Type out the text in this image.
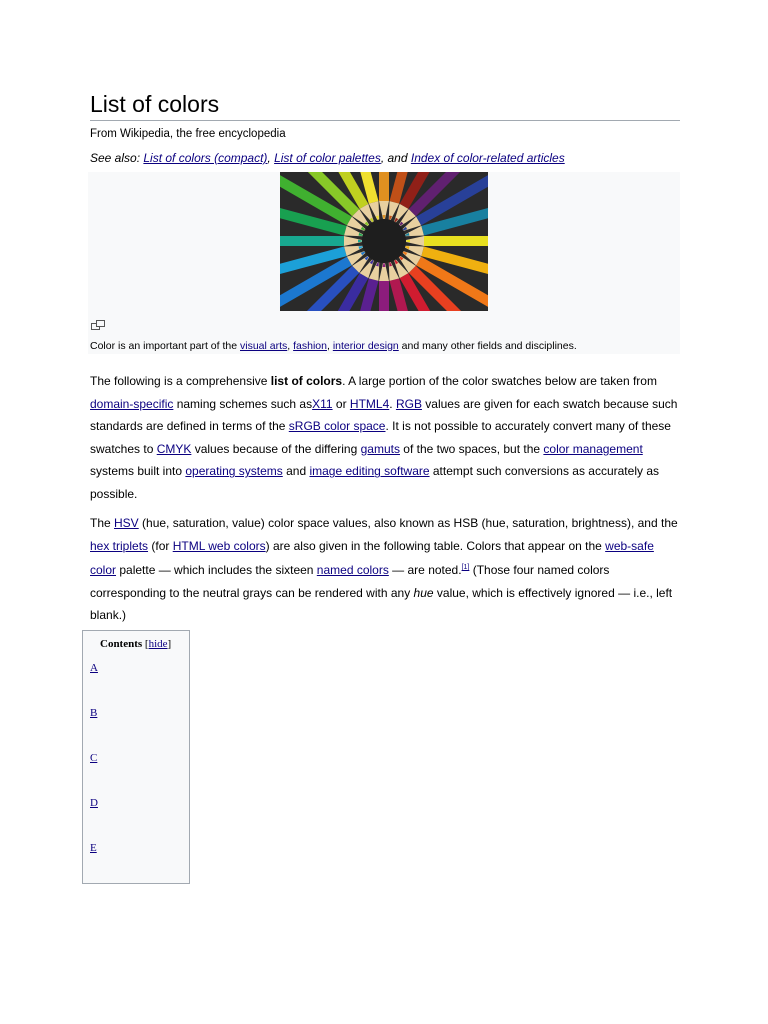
List of colors
From Wikipedia, the free encyclopedia
See also: List of colors (compact), List of color palettes, and Index of color-related articles
Color is an important part of the visual arts, fashion, interior design and many other fields and disciplines.

The following is a comprehensive list of colors. A large portion of the color swatches below are taken from domain-specific naming schemes such asX11 or HTML4. RGB values are given for each swatch because such standards are defined in terms of the sRGB color space. It is not possible to accurately convert many of these swatches to CMYK values because of the differing gamuts of the two spaces, but the color management systems built into operating systems and image editing software attempt such conversions as accurately as possible.

The HSV (hue, saturation, value) color space values, also known as HSB (hue, saturation, brightness), and the hex triplets (for HTML web colors) are also given in the following table. Colors that appear on the web-safe color palette — which includes the sixteen named colors — are noted.[1] (Those four named colors corresponding to the neutral grays can be rendered with any hue value, which is effectively ignored — i.e., left blank.)

Contents [hide]
A
B
C
D
E
